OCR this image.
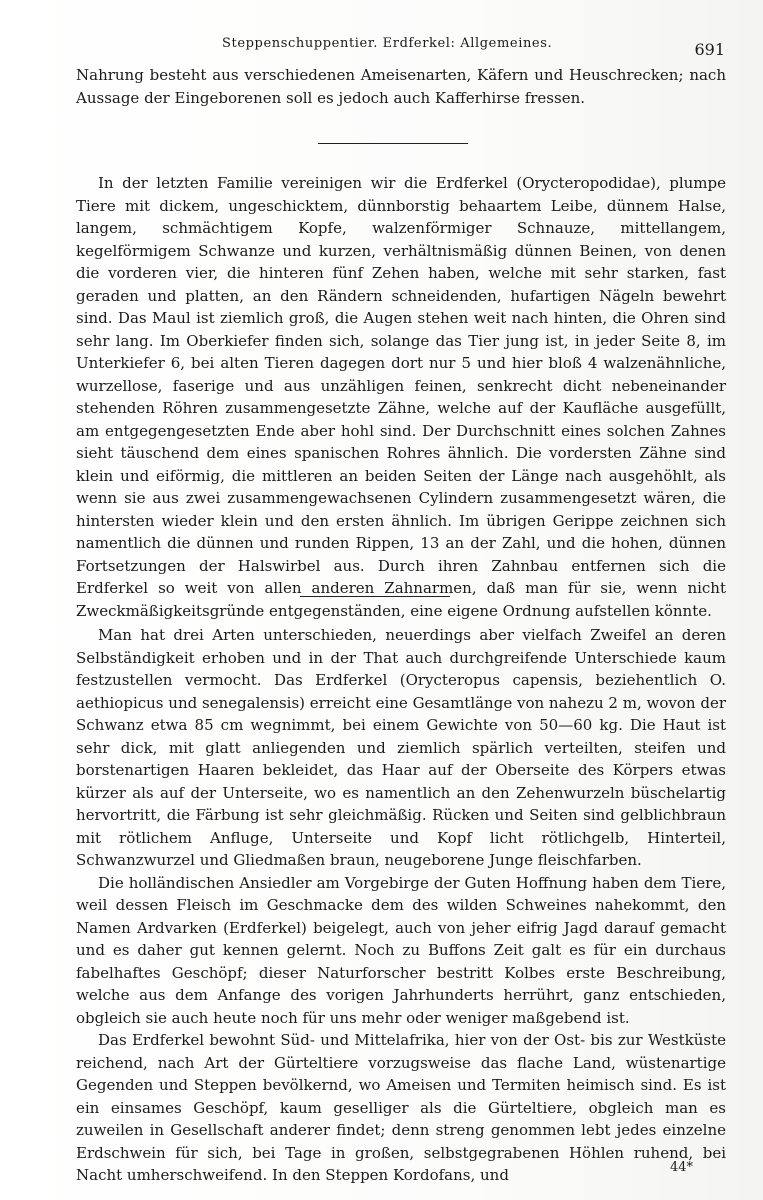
Steppenschuppentier. Erdferkel: Allgemeines.	691

Nahrung besteht aus verschiedenen Ameisenarten, Käfern und Heuschrecken; nach Aussage der Eingeborenen soll es jedoch auch Kafferhirse fressen.

In der letzten Familie vereinigen wir die Erdferkel (Orycteropodidae), plumpe Tiere mit dickem, ungeschicktem, dünnborstig behaartem Leibe, dünnem Halse, langem, schmächtigem Kopfe, walzenförmiger Schnauze, mittellangem, kegelförmigem Schwanze und kurzen, verhältnismäßig dünnen Beinen, von denen die vorderen vier, die hinteren fünf Zehen haben, welche mit sehr starken, fast geraden und platten, an den Rändern schneidenden, hufartigen Nägeln bewehrt sind. Das Maul ist ziemlich groß, die Augen stehen weit nach hinten, die Ohren sind sehr lang. Im Oberkiefer finden sich, solange das Tier jung ist, in jeder Seite 8, im Unterkiefer 6, bei alten Tieren dagegen dort nur 5 und hier bloß 4 walzenähnliche, wurzellose, faserige und aus unzähligen feinen, senkrecht dicht nebeneinander stehenden Röhren zusammengesetzte Zähne, welche auf der Kaufläche ausgefüllt, am entgegengesetzten Ende aber hohl sind. Der Durchschnitt eines solchen Zahnes sieht täuschend dem eines spanischen Rohres ähnlich. Die vordersten Zähne sind klein und eiförmig, die mittleren an beiden Seiten der Länge nach ausgehöhlt, als wenn sie aus zwei zusammengewachsenen Cylindern zusammengesetzt wären, die hintersten wieder klein und den ersten ähnlich. Im übrigen Gerippe zeichnen sich namentlich die dünnen und runden Rippen, 13 an der Zahl, und die hohen, dünnen Fortsetzungen der Halswirbel aus. Durch ihren Zahnbau entfernen sich die Erdferkel so weit von allen anderen Zahnarmen, daß man für sie, wenn nicht Zweckmäßigkeitsgründe entgegenständen, eine eigene Ordnung aufstellen könnte.

Man hat drei Arten unterschieden, neuerdings aber vielfach Zweifel an deren Selbständigkeit erhoben und in der That auch durchgreifende Unterschiede kaum festzustellen vermocht. Das Erdferkel (Orycteropus capensis, beziehentlich O. aethiopicus und senegalensis) erreicht eine Gesamtlänge von nahezu 2 m, wovon der Schwanz etwa 85 cm wegnimmt, bei einem Gewichte von 50—60 kg. Die Haut ist sehr dick, mit glatt anliegenden und ziemlich spärlich verteilten, steifen und borstenartigen Haaren bekleidet, das Haar auf der Oberseite des Körpers etwas kürzer als auf der Unterseite, wo es namentlich an den Zehenwurzeln büschelartig hervortritt, die Färbung ist sehr gleichmäßig. Rücken und Seiten sind gelblichbraun mit rötlichem Anfluge, Unterseite und Kopf licht rötlichgelb, Hinterteil, Schwanzwurzel und Gliedmaßen braun, neugeborene Junge fleischfarben.

Die holländischen Ansiedler am Vorgebirge der Guten Hoffnung haben dem Tiere, weil dessen Fleisch im Geschmacke dem des wilden Schweines nahekommt, den Namen Ardvarken (Erdferkel) beigelegt, auch von jeher eifrig Jagd darauf gemacht und es daher gut kennen gelernt. Noch zu Buffons Zeit galt es für ein durchaus fabelhaftes Geschöpf; dieser Naturforscher bestritt Kolbes erste Beschreibung, welche aus dem Anfange des vorigen Jahrhunderts herrührt, ganz entschieden, obgleich sie auch heute noch für uns mehr oder weniger maßgebend ist.

Das Erdferkel bewohnt Süd- und Mittelafrika, hier von der Ost- bis zur Westküste reichend, nach Art der Gürteltiere vorzugsweise das flache Land, wüstenartige Gegenden und Steppen bevölkernd, wo Ameisen und Termiten heimisch sind. Es ist ein einsames Geschöpf, kaum geselliger als die Gürteltiere, obgleich man es zuweilen in Gesellschaft anderer findet; denn streng genommen lebt jedes einzelne Erdschwein für sich, bei Tage in großen, selbstgegrabenen Höhlen ruhend, bei Nacht umherschweifend. In den Steppen Kordofans, und	44*
